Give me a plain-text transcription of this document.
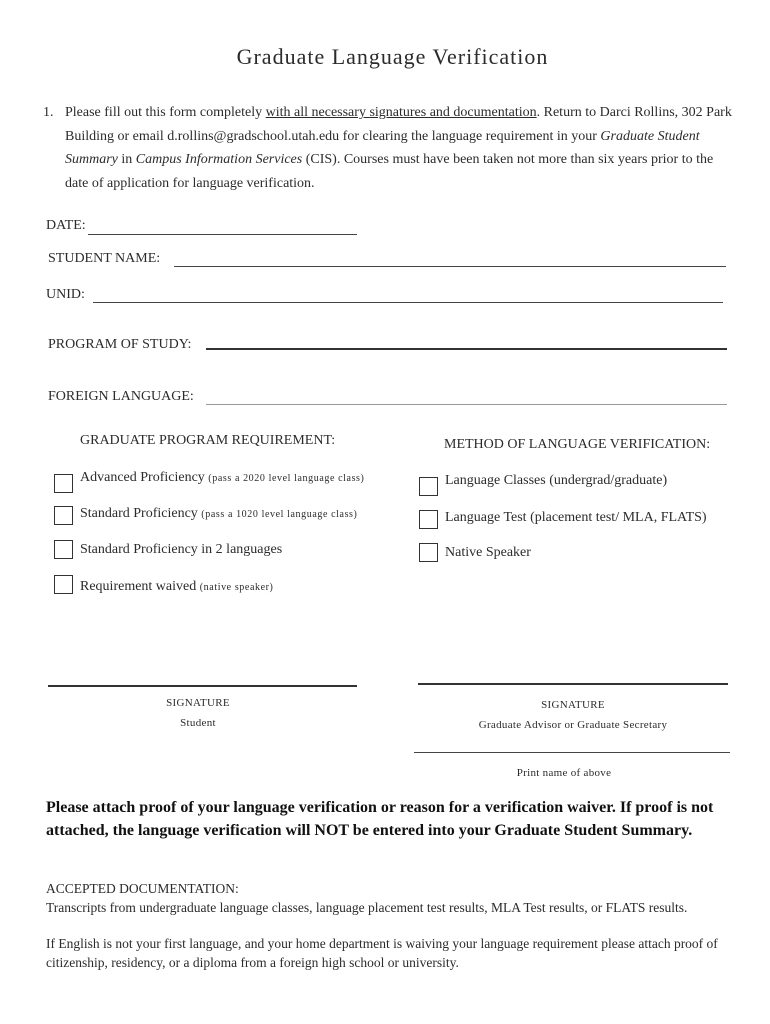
Graduate Language Verification
1. Please fill out this form completely with all necessary signatures and documentation. Return to Darci Rollins, 302 Park Building or email d.rollins@gradschool.utah.edu for clearing the language requirement in your Graduate Student Summary in Campus Information Services (CIS). Courses must have been taken not more than six years prior to the date of application for language verification.
DATE:
STUDENT NAME:
UNID:
PROGRAM OF STUDY:
FOREIGN LANGUAGE:
GRADUATE PROGRAM REQUIREMENT:
Advanced Proficiency (pass a 2020 level language class)
Standard Proficiency (pass a 1020 level language class)
Standard Proficiency in 2 languages
Requirement waived (native speaker)
METHOD OF LANGUAGE VERIFICATION:
Language Classes (undergrad/graduate)
Language Test (placement test/ MLA, FLATS)
Native Speaker
SIGNATURE
Student
SIGNATURE
Graduate Advisor or Graduate Secretary
Print name of above
Please attach proof of your language verification or reason for a verification waiver. If proof is not attached, the language verification will NOT be entered into your Graduate Student Summary.

ACCEPTED DOCUMENTATION:

Transcripts from undergraduate language classes, language placement test results, MLA Test results, or FLATS results.

If English is not your first language, and your home department is waiving your language requirement please attach proof of citizenship, residency, or a diploma from a foreign high school or university.
